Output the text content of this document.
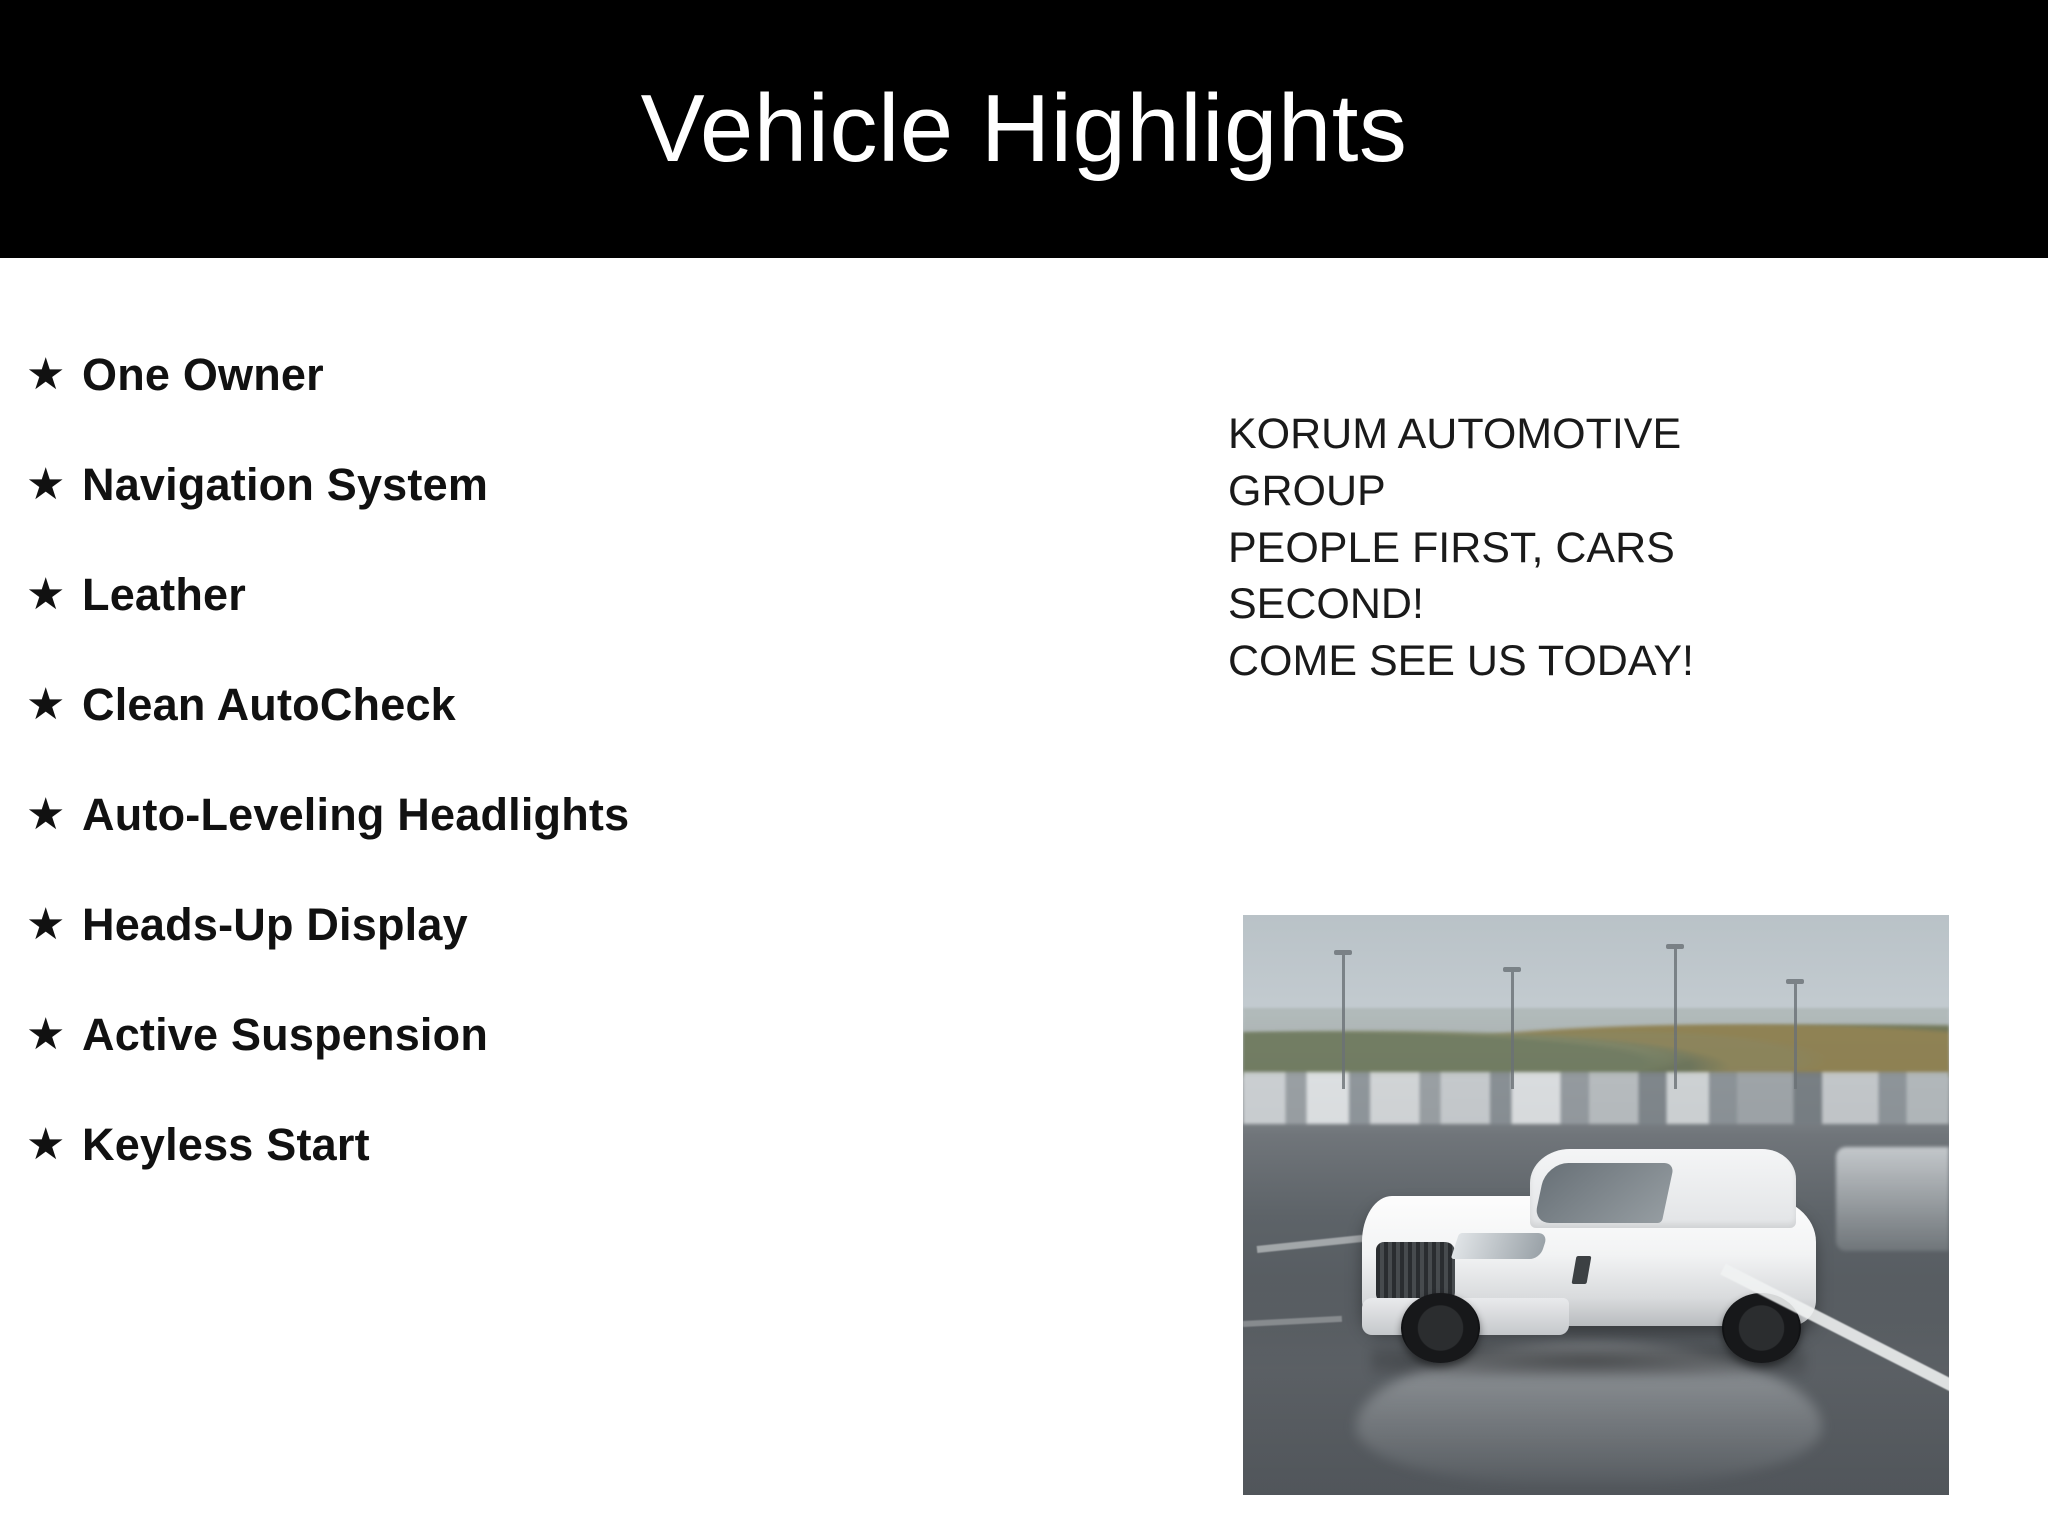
Vehicle Highlights
★ One Owner
★ Navigation System
★ Leather
★ Clean AutoCheck
★ Auto-Leveling Headlights
★ Heads-Up Display
★ Active Suspension
★ Keyless Start
KORUM AUTOMOTIVE
GROUP
PEOPLE FIRST, CARS
SECOND!
COME SEE US TODAY!
